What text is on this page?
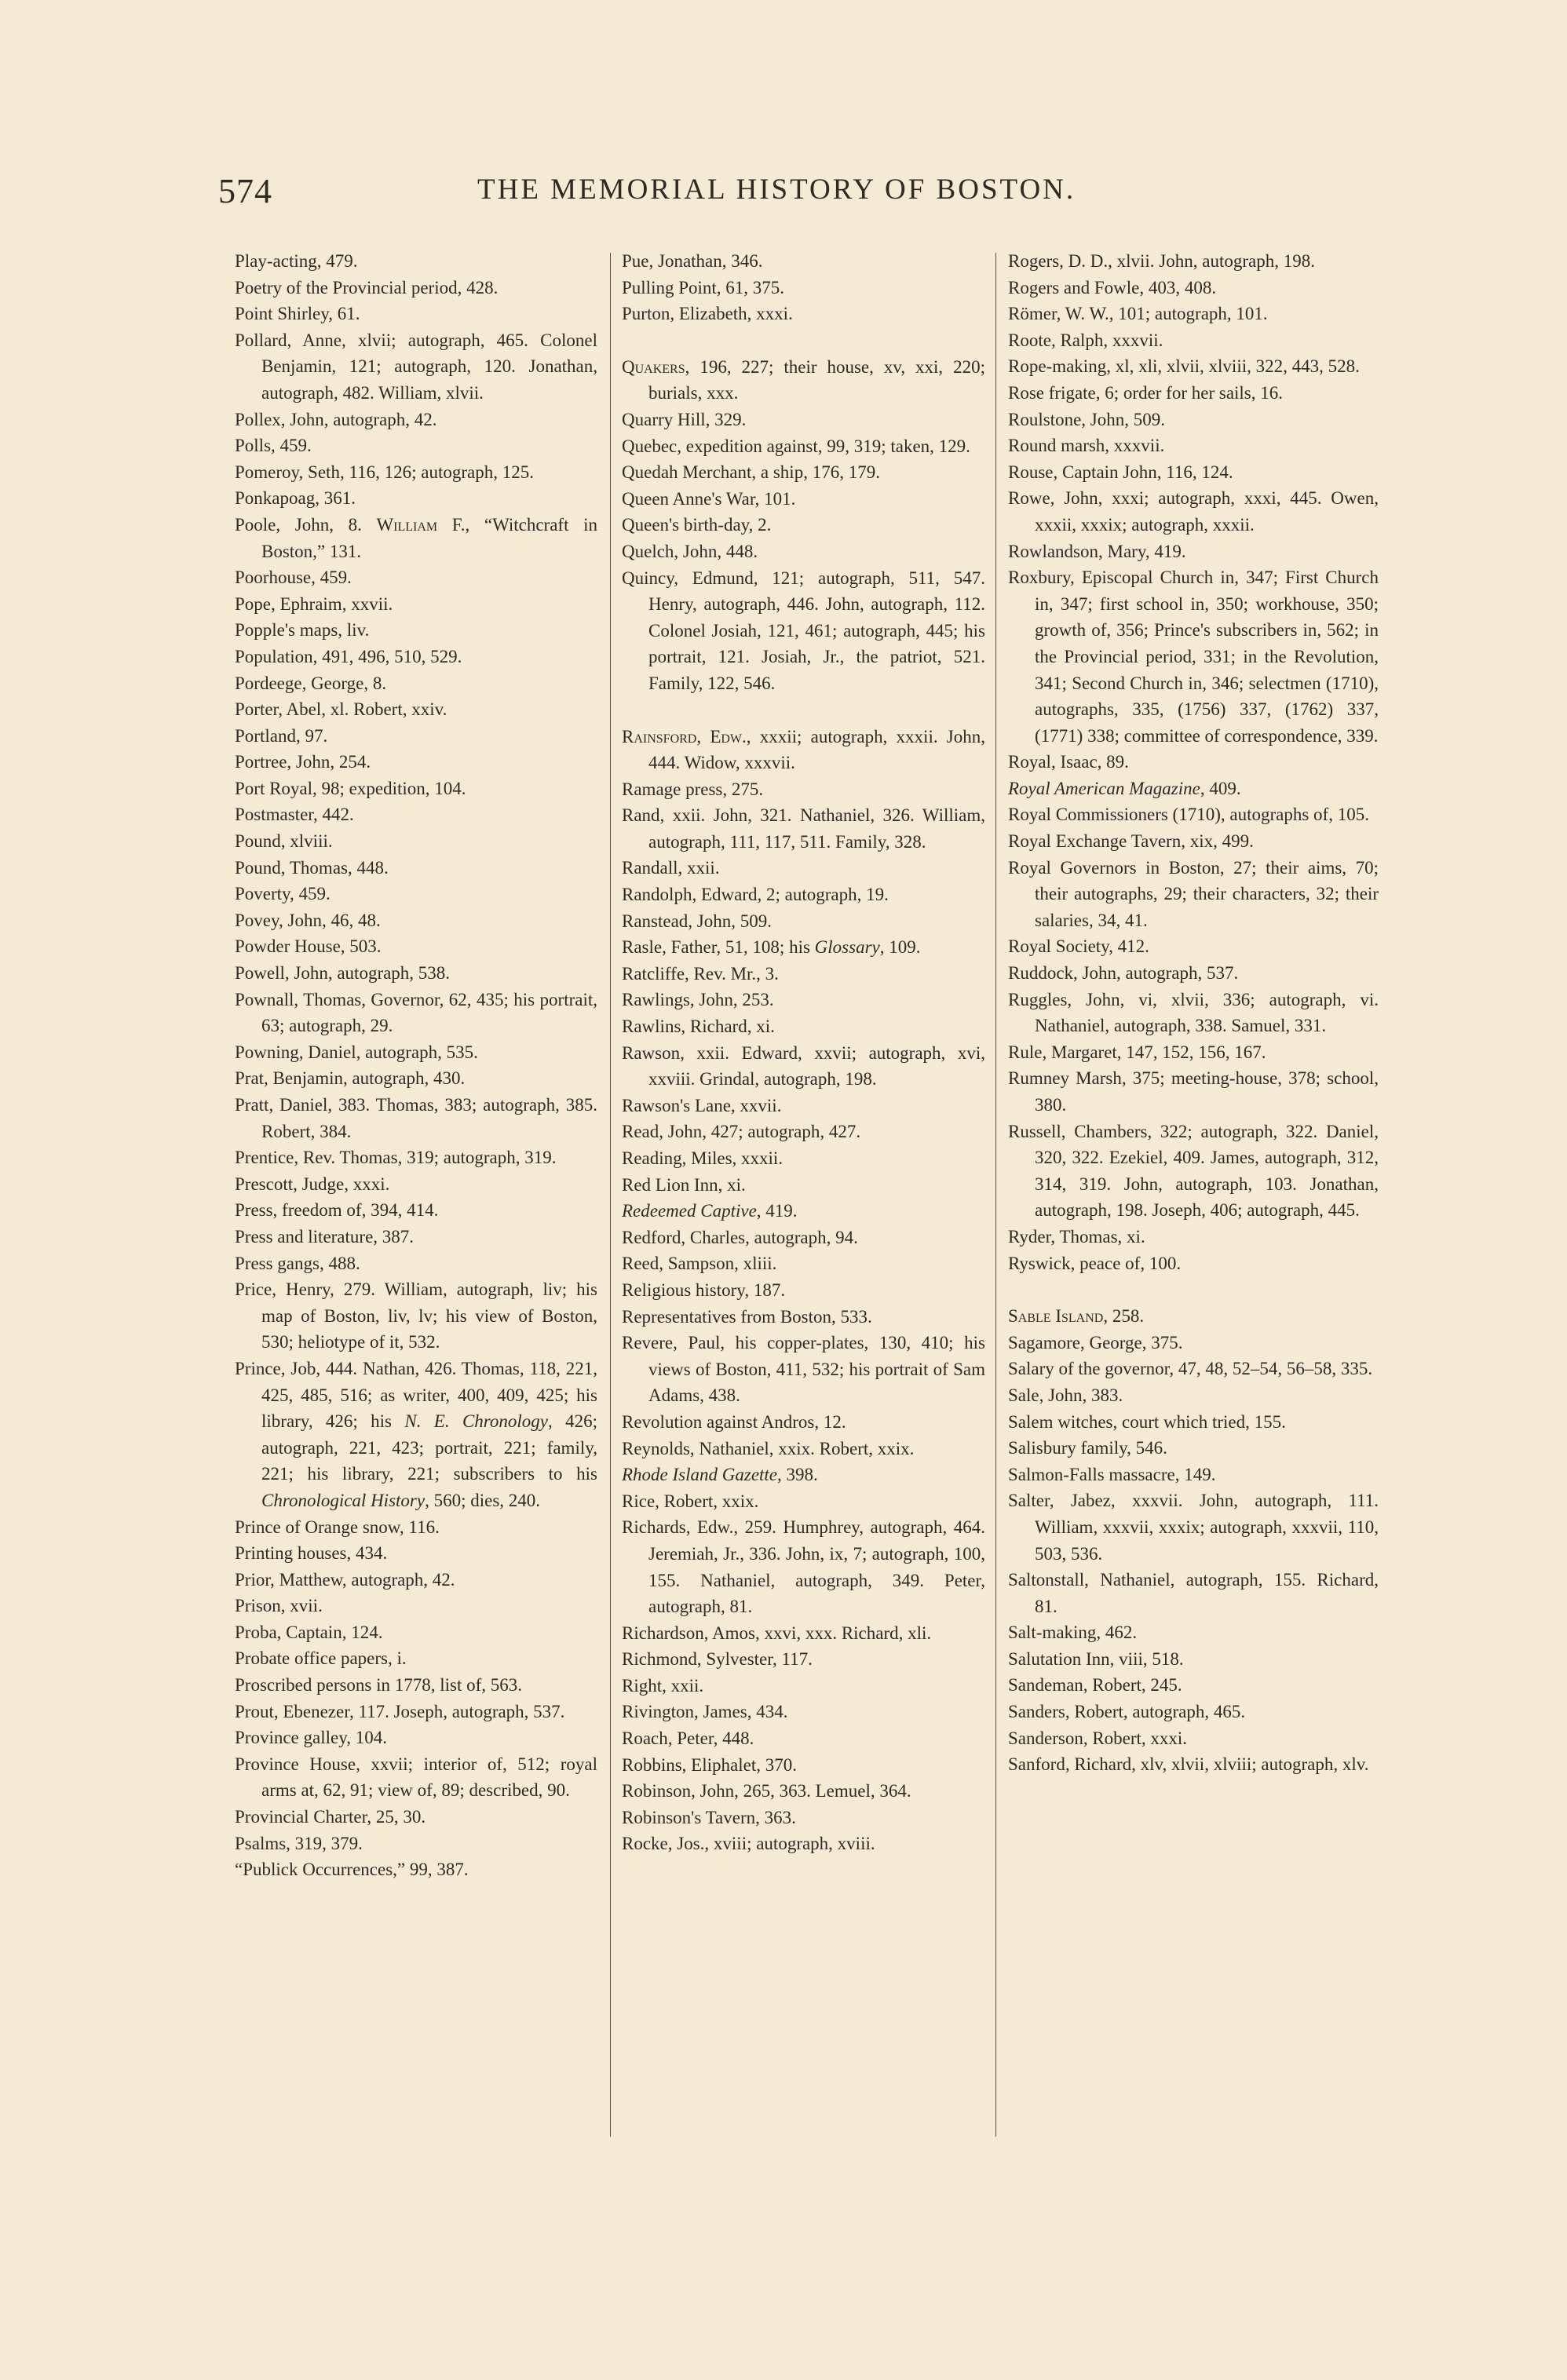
574	THE MEMORIAL HISTORY OF BOSTON.
Play-acting, 479.
Poetry of the Provincial period, 428.
Point Shirley, 61.
Pollard, Anne, xlvii; autograph, 465. Colonel Benjamin, 121; autograph, 120. Jonathan, autograph, 482. William, xlvii.
Pollex, John, autograph, 42.
Polls, 459.
Pomeroy, Seth, 116, 126; autograph, 125.
Ponkapoag, 361.
Poole, John, 8. William F., “Witchcraft in Boston,” 131.
Poorhouse, 459.
Pope, Ephraim, xxvii.
Popple's maps, liv.
Population, 491, 496, 510, 529.
Pordeege, George, 8.
Porter, Abel, xl. Robert, xxiv.
Portland, 97.
Portree, John, 254.
Port Royal, 98; expedition, 104.
Postmaster, 442.
Pound, xlviii.
Pound, Thomas, 448.
Poverty, 459.
Povey, John, 46, 48.
Powder House, 503.
Powell, John, autograph, 538.
Pownall, Thomas, Governor, 62, 435; his portrait, 63; autograph, 29.
Powning, Daniel, autograph, 535.
Prat, Benjamin, autograph, 430.
Pratt, Daniel, 383. Thomas, 383; autograph, 385. Robert, 384.
Prentice, Rev. Thomas, 319; autograph, 319.
Prescott, Judge, xxxi.
Press, freedom of, 394, 414.
Press and literature, 387.
Press gangs, 488.
Price, Henry, 279. William, autograph, liv; his map of Boston, liv, lv; his view of Boston, 530; heliotype of it, 532.
Prince, Job, 444. Nathan, 426. Thomas, 118, 221, 425, 485, 516; as writer, 400, 409, 425; his library, 426; his N. E. Chronology, 426; autograph, 221, 423; portrait, 221; family, 221; his library, 221; subscribers to his Chronological History, 560; dies, 240.
Prince of Orange snow, 116.
Printing houses, 434.
Prior, Matthew, autograph, 42.
Prison, xvii.
Proba, Captain, 124.
Probate office papers, i.
Proscribed persons in 1778, list of, 563.
Prout, Ebenezer, 117. Joseph, autograph, 537.
Province galley, 104.
Province House, xxvii; interior of, 512; royal arms at, 62, 91; view of, 89; described, 90.
Provincial Charter, 25, 30.
Psalms, 319, 379.
“Publick Occurrences,” 99, 387.
Pue, Jonathan, 346.
Pulling Point, 61, 375.
Purton, Elizabeth, xxxi.
Quakers, 196, 227; their house, xv, xxi, 220; burials, xxx.
Quarry Hill, 329.
Quebec, expedition against, 99, 319; taken, 129.
Quedah Merchant, a ship, 176, 179.
Queen Anne's War, 101.
Queen's birth-day, 2.
Quelch, John, 448.
Quincy, Edmund, 121; autograph, 511, 547. Henry, autograph, 446. John, autograph, 112. Colonel Josiah, 121, 461; autograph, 445; his portrait, 121. Josiah, Jr., the patriot, 521. Family, 122, 546.
Rainsford, Edw., xxxii; autograph, xxxii. John, 444. Widow, xxxvii.
Ramage press, 275.
Rand, xxii. John, 321. Nathaniel, 326. William, autograph, 111, 117, 511. Family, 328.
Randall, xxii.
Randolph, Edward, 2; autograph, 19.
Ranstead, John, 509.
Rasle, Father, 51, 108; his Glossary, 109.
Ratcliffe, Rev. Mr., 3.
Rawlings, John, 253.
Rawlins, Richard, xi.
Rawson, xxii. Edward, xxvii; autograph, xvi, xxviii. Grindal, autograph, 198.
Rawson's Lane, xxvii.
Read, John, 427; autograph, 427.
Reading, Miles, xxxii.
Red Lion Inn, xi.
Redeemed Captive, 419.
Redford, Charles, autograph, 94.
Reed, Sampson, xliii.
Religious history, 187.
Representatives from Boston, 533.
Revere, Paul, his copper-plates, 130, 410; his views of Boston, 411, 532; his portrait of Sam Adams, 438.
Revolution against Andros, 12.
Reynolds, Nathaniel, xxix. Robert, xxix.
Rhode Island Gazette, 398.
Rice, Robert, xxix.
Richards, Edw., 259. Humphrey, autograph, 464. Jeremiah, Jr., 336. John, ix, 7; autograph, 100, 155. Nathaniel, autograph, 349. Peter, autograph, 81.
Richardson, Amos, xxvi, xxx. Richard, xli.
Richmond, Sylvester, 117.
Right, xxii.
Rivington, James, 434.
Roach, Peter, 448.
Robbins, Eliphalet, 370.
Robinson, John, 265, 363. Lemuel, 364.
Robinson's Tavern, 363.
Rocke, Jos., xviii; autograph, xviii.
Rogers, D. D., xlvii. John, autograph, 198.
Rogers and Fowle, 403, 408.
Römer, W. W., 101; autograph, 101.
Roote, Ralph, xxxvii.
Rope-making, xl, xli, xlvii, xlviii, 322, 443, 528.
Rose frigate, 6; order for her sails, 16.
Roulstone, John, 509.
Round marsh, xxxvii.
Rouse, Captain John, 116, 124.
Rowe, John, xxxi; autograph, xxxi, 445. Owen, xxxii, xxxix; autograph, xxxii.
Rowlandson, Mary, 419.
Roxbury, Episcopal Church in, 347; First Church in, 347; first school in, 350; workhouse, 350; growth of, 356; Prince's subscribers in, 562; in the Provincial period, 331; in the Revolution, 341; Second Church in, 346; selectmen (1710), autographs, 335, (1756) 337, (1762) 337, (1771) 338; committee of correspondence, 339.
Royal, Isaac, 89.
Royal American Magazine, 409.
Royal Commissioners (1710), autographs of, 105.
Royal Exchange Tavern, xix, 499.
Royal Governors in Boston, 27; their aims, 70; their autographs, 29; their characters, 32; their salaries, 34, 41.
Royal Society, 412.
Ruddock, John, autograph, 537.
Ruggles, John, vi, xlvii, 336; autograph, vi. Nathaniel, autograph, 338. Samuel, 331.
Rule, Margaret, 147, 152, 156, 167.
Rumney Marsh, 375; meeting-house, 378; school, 380.
Russell, Chambers, 322; autograph, 322. Daniel, 320, 322. Ezekiel, 409. James, autograph, 312, 314, 319. John, autograph, 103. Jonathan, autograph, 198. Joseph, 406; autograph, 445.
Ryder, Thomas, xi.
Ryswick, peace of, 100.
Sable Island, 258.
Sagamore, George, 375.
Salary of the governor, 47, 48, 52–54, 56–58, 335.
Sale, John, 383.
Salem witches, court which tried, 155.
Salisbury family, 546.
Salmon-Falls massacre, 149.
Salter, Jabez, xxxvii. John, autograph, 111. William, xxxvii, xxxix; autograph, xxxvii, 110, 503, 536.
Saltonstall, Nathaniel, autograph, 155. Richard, 81.
Salt-making, 462.
Salutation Inn, viii, 518.
Sandeman, Robert, 245.
Sanders, Robert, autograph, 465.
Sanderson, Robert, xxxi.
Sanford, Richard, xlv, xlvii, xlviii; autograph, xlv.
